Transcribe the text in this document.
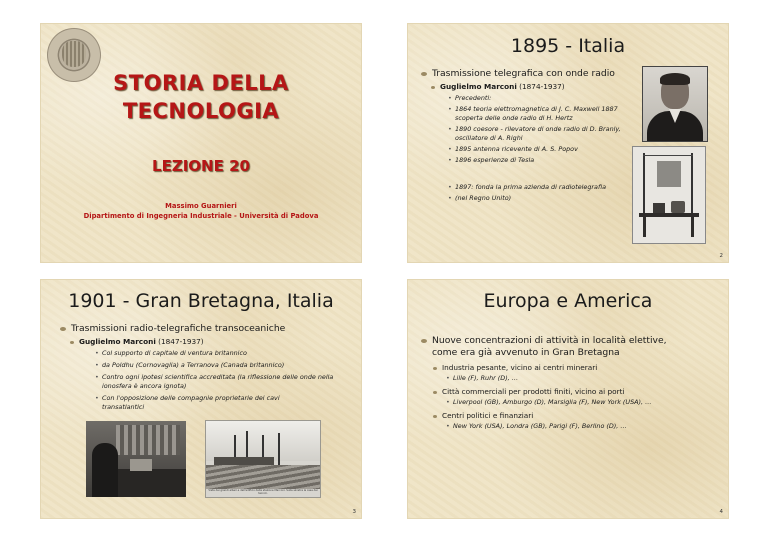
STORIA DELLA
TECNOLOGIA
LEZIONE 20
Massimo Guarnieri
Dipartimento di Ingegneria Industriale - Università di Padova
1895 - Italia
Trasmissione telegrafica con onde radio
Guglielmo Marconi (1874-1937)
• Precedenti:
• 1864 teoria elettromagnetica di J. C. Maxwell 1887 scoperta delle onde radio di H. Hertz
• 1890 coesore - rilevatore di onde radio di D. Branly, oscillatore di A. Righi
• 1895 antenna ricevente di A. S. Popov
• 1896 esperienze di Tesla
• 1897: fonda la prima azienda di radiotelegrafia
• (nel Regno Unito)
2
1901 - Gran Bretagna, Italia
Trasmissioni radio-telegrafiche transoceaniche
Guglielmo Marconi (1847-1937)
• Col supporto di capitale di ventura britannico
• da Poldhu (Cornovaglia) a Terranova (Canada britannico)
• Contro ogni ipotesi scientifica accreditata (la riflessione delle onde nella ionosfera è ancora ignota)
• Con l'opposizione delle compagnie proprietarie dei cavi transatlantici
Vista dei grandi alberi e dell'edificio della stazione Marconi. Sulla sinistra la casa dei tecnici.
3
Europa e America
Nuove concentrazioni di attività in località elettive,
come era già avvenuto in Gran Bretagna
Industria pesante, vicino ai centri minerari
• Lille (F), Ruhr (D), …
Città commerciali per prodotti finiti, vicino ai porti
• Liverpool (GB), Amburgo (D), Marsiglia (F), New York (USA), …
Centri politici e finanziari
• New York (USA), Londra (GB), Parigi (F), Berlino (D), …
4
